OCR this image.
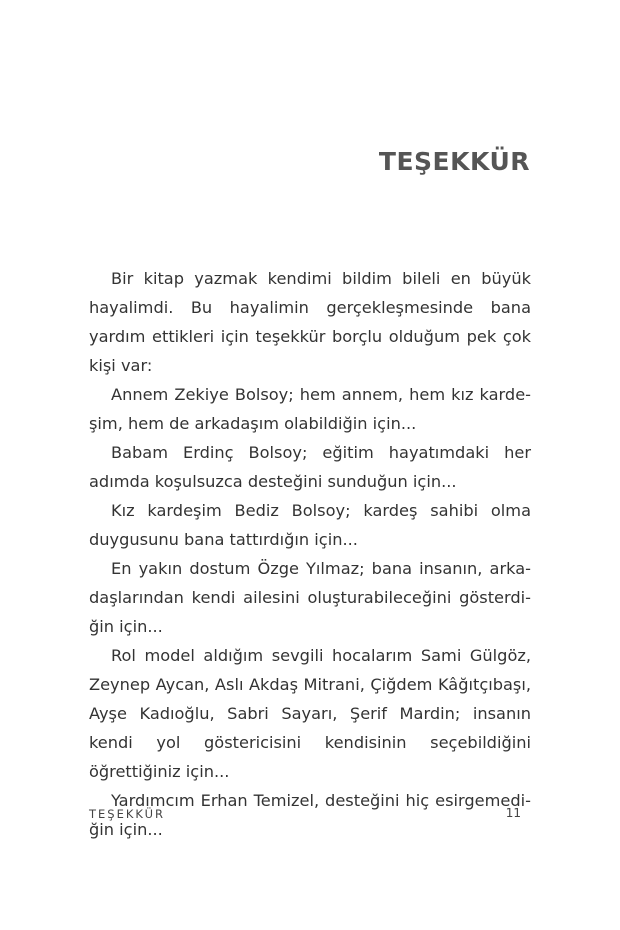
TEŞEKKÜR

Bir kitap yazmak kendimi bildim bileli en büyük hayalimdi. Bu hayalimin gerçekleşmesinde bana yardım ettikleri için teşekkür borçlu olduğum pek çok kişi var:

Annem Zekiye Bolsoy; hem annem, hem kız kardeşim, hem de arkadaşım olabildiğin için...

Babam Erdinç Bolsoy; eğitim hayatımdaki her adımda koşulsuzca desteğini sunduğun için...

Kız kardeşim Bediz Bolsoy; kardeş sahibi olma duygusunu bana tattırdığın için...

En yakın dostum Özge Yılmaz; bana insanın, arkadaşlarından kendi ailesini oluşturabileceğini gösterdiğin için...

Rol model aldığım sevgili hocalarım Sami Gülgöz, Zeynep Aycan, Aslı Akdaş Mitrani, Çiğdem Kâğıtçıbaşı, Ayşe Kadıoğlu, Sabri Sayarı, Şerif Mardin; insanın kendi yol göstericisini kendisinin seçebildiğini öğrettiğiniz için...

Yardımcım Erhan Temizel, desteğini hiç esirgemediğin için...

TEŞEKKÜR	11
